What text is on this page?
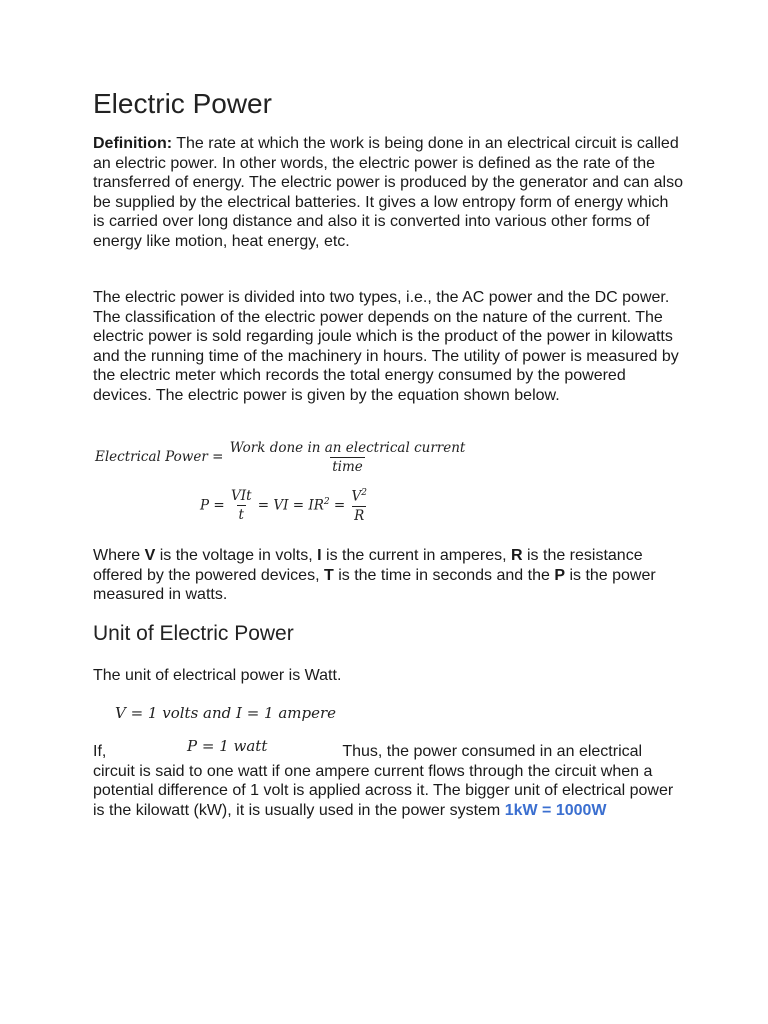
Electric Power

Definition: The rate at which the work is being done in an electrical circuit is called an electric power. In other words, the electric power is defined as the rate of the transferred of energy. The electric power is produced by the generator and can also be supplied by the electrical batteries. It gives a low entropy form of energy which is carried over long distance and also it is converted into various other forms of energy like motion, heat energy, etc.

The electric power is divided into two types, i.e., the AC power and the DC power. The classification of the electric power depends on the nature of the current. The electric power is sold regarding joule which is the product of the power in kilowatts and the running time of the machinery in hours. The utility of power is measured by the electric meter which records the total energy consumed by the powered devices. The electric power is given by the equation shown below.

Electrical Power = $\frac{\text{Work done in an electrical current}}{\text{time}}$
$P = \frac{\text{VIt}}{t}$ = VI = $IR^2 = \frac{V^2}{R}$

Where V is the voltage in volts, I is the current in amperes, R is the resistance offered by the powered devices, T is the time in seconds and the P is the power measured in watts.

Unit of Electric Power

The unit of electrical power is Watt.

V = 1 volts and I = 1 ampere
P = 1 watt

If,	Thus, the power consumed in an electrical circuit is said to one watt if one ampere current flows through the circuit when a potential difference of 1 volt is applied across it. The bigger unit of electrical power is the kilowatt (kW), it is usually used in the power system 1kW = 1000W
